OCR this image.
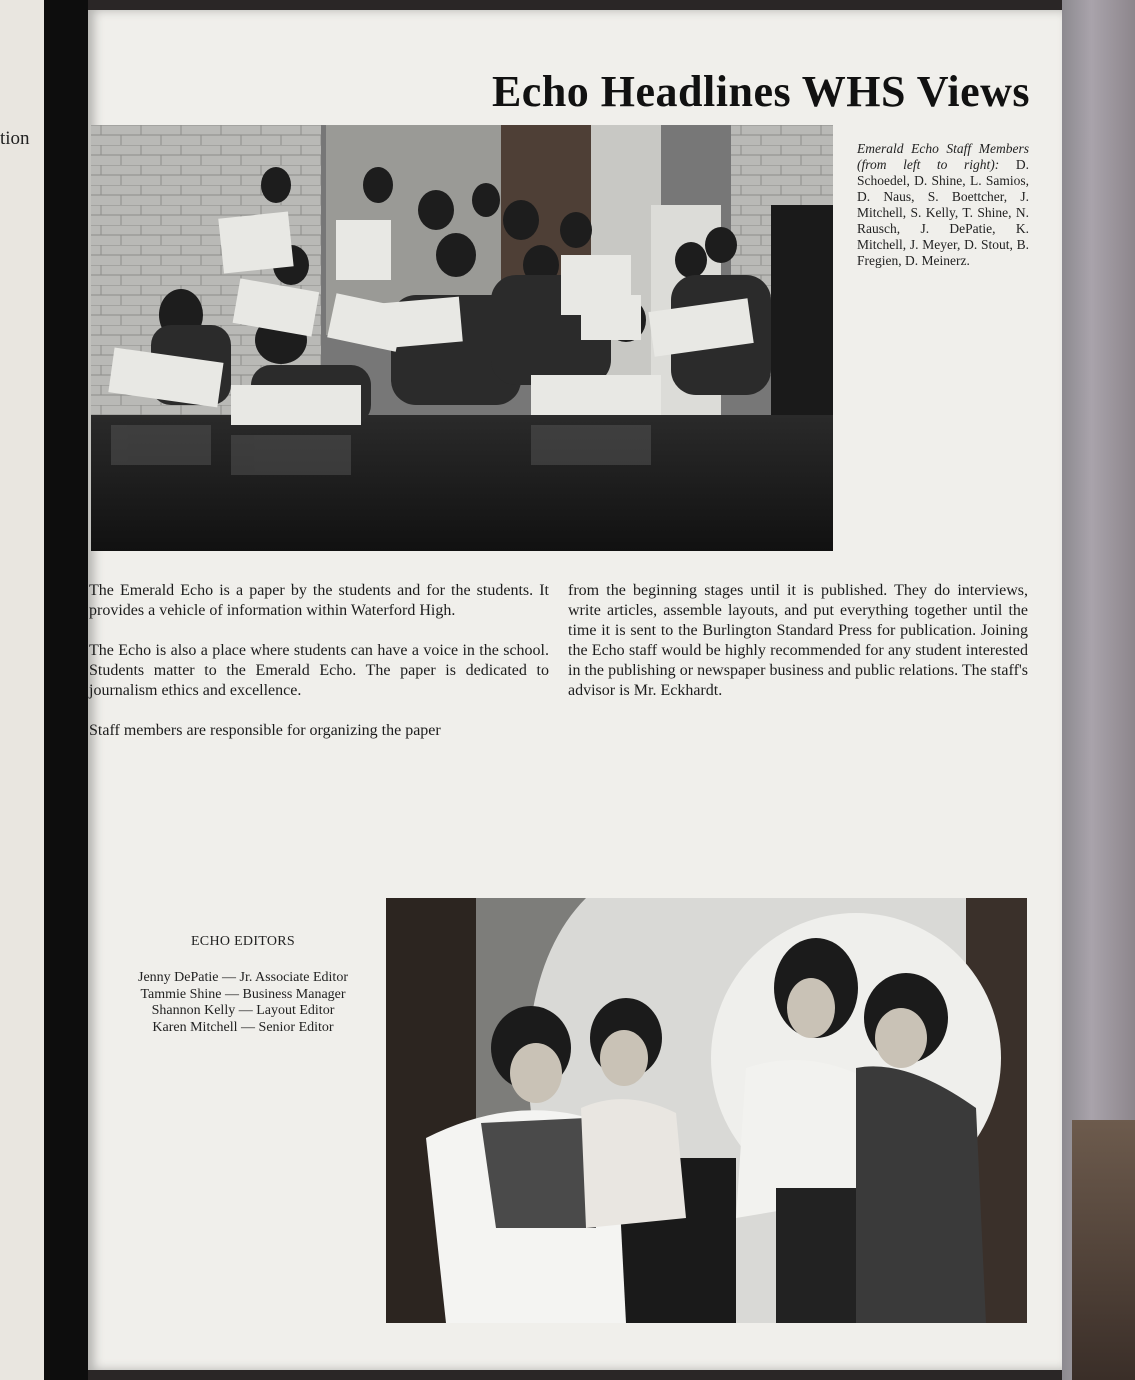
tion
Echo Headlines WHS Views
Emerald Echo Staff Members (from left to right): D. Schoedel, D. Shine, L. Samios, D. Naus, S. Boettcher, J. Mitchell, S. Kelly, T. Shine, N. Rausch, J. DePatie, K. Mitchell, J. Meyer, D. Stout, B. Fregien, D. Meinerz.

The Emerald Echo is a paper by the students and for the students. It provides a vehicle of information within Waterford High.

The Echo is also a place where students can have a voice in the school. Students matter to the Emerald Echo. The paper is dedicated to journalism ethics and excellence.

Staff members are responsible for organizing the paper

from the beginning stages until it is published. They do interviews, write articles, assemble layouts, and put everything together until the time it is sent to the Burlington Standard Press for publication. Joining the Echo staff would be highly recommended for any student interested in the publishing or newspaper business and public relations. The staff's advisor is Mr. Eckhardt.

ECHO EDITORS
Jenny DePatie — Jr. Associate Editor
Tammie Shine — Business Manager
Shannon Kelly — Layout Editor
Karen Mitchell — Senior Editor
